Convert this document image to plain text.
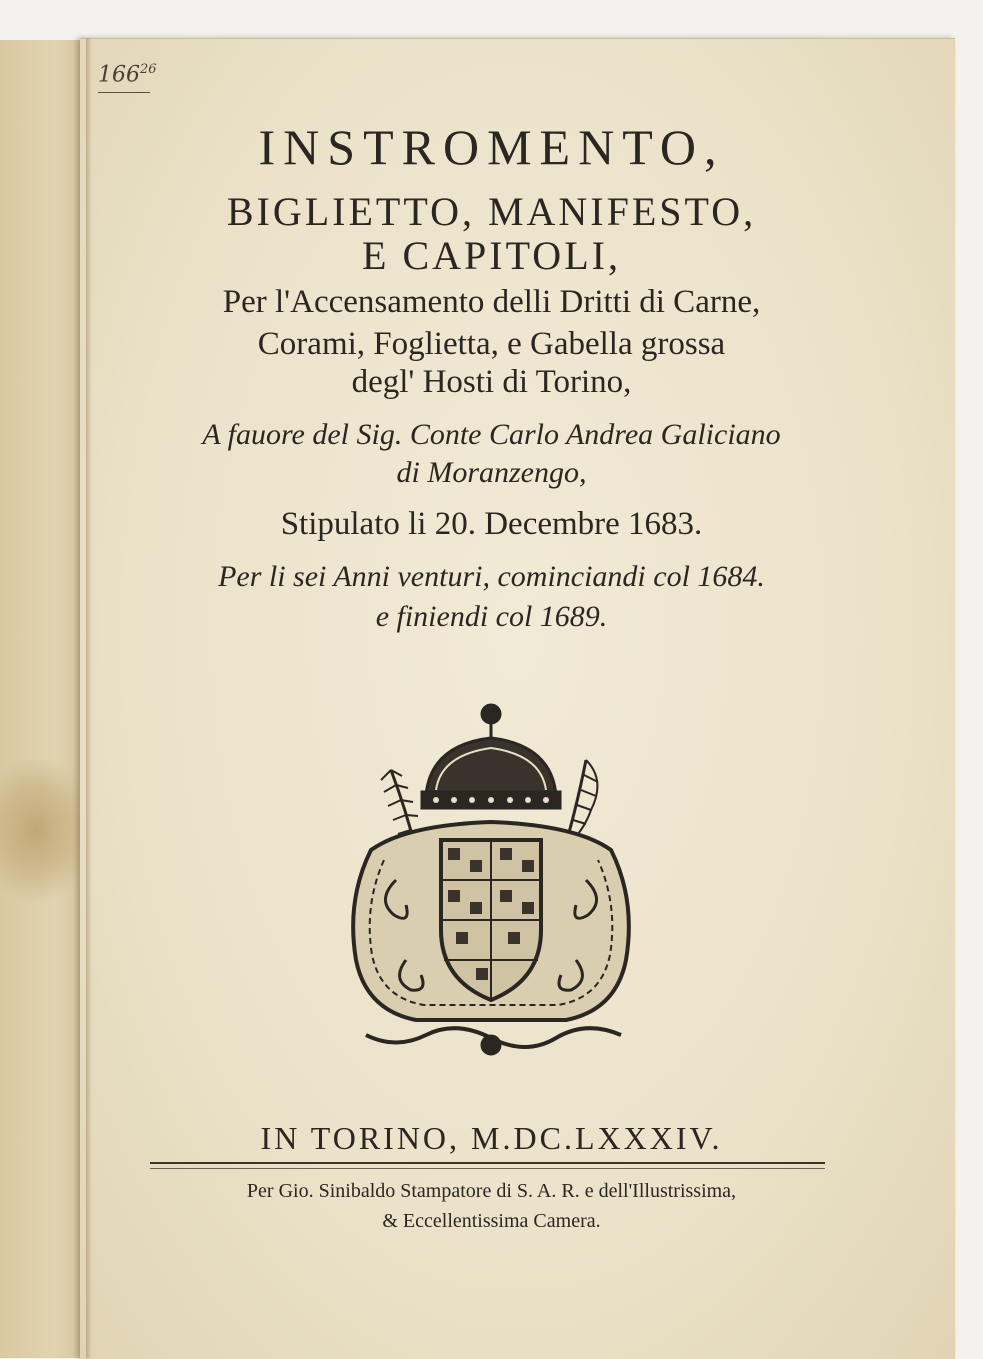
$166^{26}$
INSTROMENTO,
BIGLIETTO, MANIFESTO,
E CAPITOLI,
Per l'Accensamento delli Dritti di Carne,
Corami, Foglietta, e Gabella grossa
degl' Hosti di Torino,
A fauore del Sig. Conte Carlo Andrea Galiciano
di Moranzengo,
Stipulato li 20. Decembre 1683.
Per li sei Anni venturi, cominciandi col 1684.
e finiendi col 1689.
IN TORINO, M.DC.LXXXIV.
Per Gio. Sinibaldo Stampatore di S. A. R. e dell'Illustrissima,
& Eccellentissima Camera.
